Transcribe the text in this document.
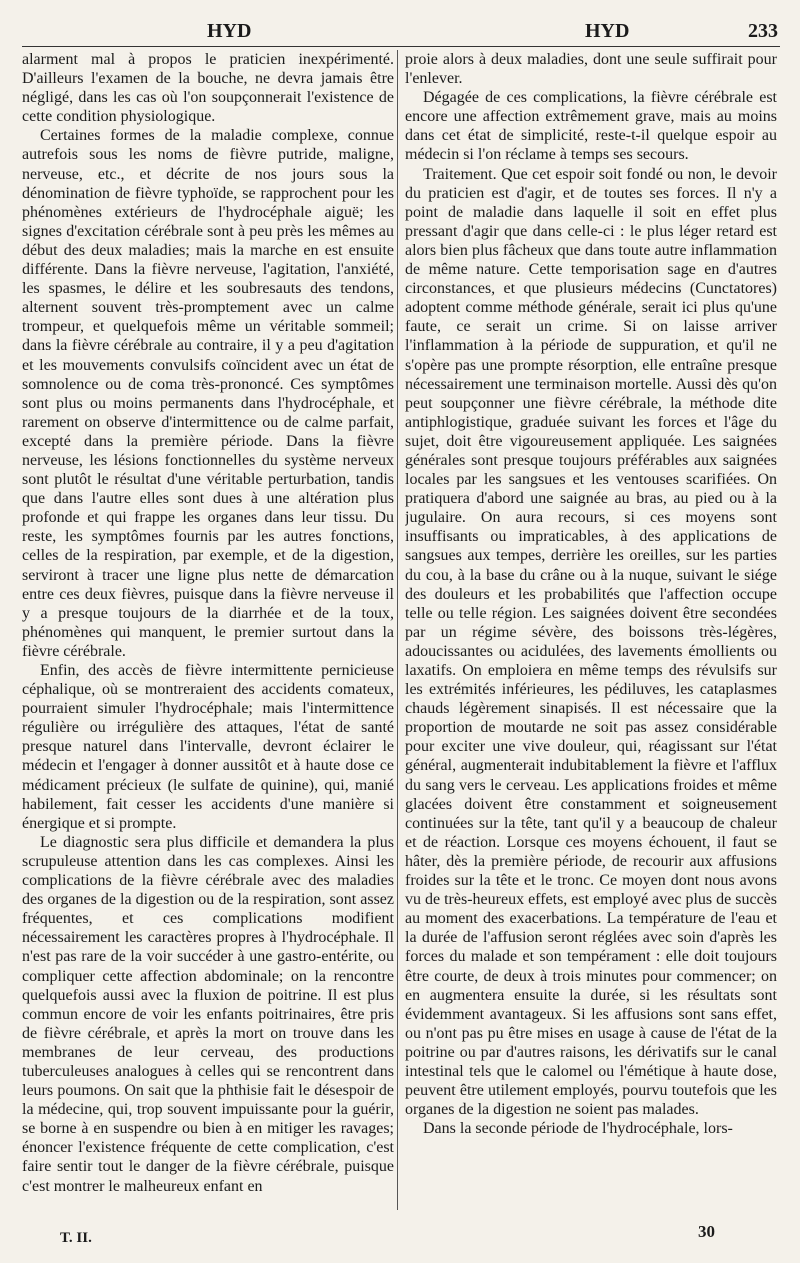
HYD	HYD	233

alarment mal à propos le praticien inexpérimenté. D'ailleurs l'examen de la bouche, ne devra jamais être négligé, dans les cas où l'on soupçonnerait l'existence de cette condition physiologique.

Certaines formes de la maladie complexe, connue autrefois sous les noms de fièvre putride, maligne, nerveuse, etc., et décrite de nos jours sous la dénomination de fièvre typhoïde, se rapprochent pour les phénomènes extérieurs de l'hydrocéphale aiguë; les signes d'excitation cérébrale sont à peu près les mêmes au début des deux maladies; mais la marche en est ensuite différente. Dans la fièvre nerveuse, l'agitation, l'anxiété, les spasmes, le délire et les soubresauts des tendons, alternent souvent très-promptement avec un calme trompeur, et quelquefois même un véritable sommeil; dans la fièvre cérébrale au contraire, il y a peu d'agitation et les mouvements convulsifs coïncident avec un état de somnolence ou de coma très-prononcé. Ces symptômes sont plus ou moins permanents dans l'hydrocéphale, et rarement on observe d'intermittence ou de calme parfait, excepté dans la première période. Dans la fièvre nerveuse, les lésions fonctionnelles du système nerveux sont plutôt le résultat d'une véritable perturbation, tandis que dans l'autre elles sont dues à une altération plus profonde et qui frappe les organes dans leur tissu. Du reste, les symptômes fournis par les autres fonctions, celles de la respiration, par exemple, et de la digestion, serviront à tracer une ligne plus nette de démarcation entre ces deux fièvres, puisque dans la fièvre nerveuse il y a presque toujours de la diarrhée et de la toux, phénomènes qui manquent, le premier surtout dans la fièvre cérébrale.

Enfin, des accès de fièvre intermittente pernicieuse céphalique, où se montreraient des accidents comateux, pourraient simuler l'hydrocéphale; mais l'intermittence régulière ou irrégulière des attaques, l'état de santé presque naturel dans l'intervalle, devront éclairer le médecin et l'engager à donner aussitôt et à haute dose ce médicament précieux (le sulfate de quinine), qui, manié habilement, fait cesser les accidents d'une manière si énergique et si prompte.

Le diagnostic sera plus difficile et demandera la plus scrupuleuse attention dans les cas complexes. Ainsi les complications de la fièvre cérébrale avec des maladies des organes de la digestion ou de la respiration, sont assez fréquentes, et ces complications modifient nécessairement les caractères propres à l'hydrocéphale. Il n'est pas rare de la voir succéder à une gastro-entérite, ou compliquer cette affection abdominale; on la rencontre quelquefois aussi avec la fluxion de poitrine. Il est plus commun encore de voir les enfants poitrinaires, être pris de fièvre cérébrale, et après la mort on trouve dans les membranes de leur cerveau, des productions tuberculeuses analogues à celles qui se rencontrent dans leurs poumons. On sait que la phthisie fait le désespoir de la médecine, qui, trop souvent impuissante pour la guérir, se borne à en suspendre ou bien à en mitiger les ravages; énoncer l'existence fréquente de cette complication, c'est faire sentir tout le danger de la fièvre cérébrale, puisque c'est montrer le malheureux enfant en

proie alors à deux maladies, dont une seule suffirait pour l'enlever.

Dégagée de ces complications, la fièvre cérébrale est encore une affection extrêmement grave, mais au moins dans cet état de simplicité, reste-t-il quelque espoir au médecin si l'on réclame à temps ses secours.

Traitement. Que cet espoir soit fondé ou non, le devoir du praticien est d'agir, et de toutes ses forces. Il n'y a point de maladie dans laquelle il soit en effet plus pressant d'agir que dans celle-ci : le plus léger retard est alors bien plus fâcheux que dans toute autre inflammation de même nature. Cette temporisation sage en d'autres circonstances, et que plusieurs médecins (Cunctatores) adoptent comme méthode générale, serait ici plus qu'une faute, ce serait un crime. Si on laisse arriver l'inflammation à la période de suppuration, et qu'il ne s'opère pas une prompte résorption, elle entraîne presque nécessairement une terminaison mortelle. Aussi dès qu'on peut soupçonner une fièvre cérébrale, la méthode dite antiphlogistique, graduée suivant les forces et l'âge du sujet, doit être vigoureusement appliquée. Les saignées générales sont presque toujours préférables aux saignées locales par les sangsues et les ventouses scarifiées. On pratiquera d'abord une saignée au bras, au pied ou à la jugulaire. On aura recours, si ces moyens sont insuffisants ou impraticables, à des applications de sangsues aux tempes, derrière les oreilles, sur les parties du cou, à la base du crâne ou à la nuque, suivant le siége des douleurs et les probabilités que l'affection occupe telle ou telle région. Les saignées doivent être secondées par un régime sévère, des boissons très-légères, adoucissantes ou acidulées, des lavements émollients ou laxatifs. On emploiera en même temps des révulsifs sur les extrémités inférieures, les pédiluves, les cataplasmes chauds légèrement sinapisés. Il est nécessaire que la proportion de moutarde ne soit pas assez considérable pour exciter une vive douleur, qui, réagissant sur l'état général, augmenterait indubitablement la fièvre et l'afflux du sang vers le cerveau. Les applications froides et même glacées doivent être constamment et soigneusement continuées sur la tête, tant qu'il y a beaucoup de chaleur et de réaction. Lorsque ces moyens échouent, il faut se hâter, dès la première période, de recourir aux affusions froides sur la tête et le tronc. Ce moyen dont nous avons vu de très-heureux effets, est employé avec plus de succès au moment des exacerbations. La température de l'eau et la durée de l'affusion seront réglées avec soin d'après les forces du malade et son tempérament : elle doit toujours être courte, de deux à trois minutes pour commencer; on en augmentera ensuite la durée, si les résultats sont évidemment avantageux. Si les affusions sont sans effet, ou n'ont pas pu être mises en usage à cause de l'état de la poitrine ou par d'autres raisons, les dérivatifs sur le canal intestinal tels que le calomel ou l'émétique à haute dose, peuvent être utilement employés, pourvu toutefois que les organes de la digestion ne soient pas malades.

Dans la seconde période de l'hydrocéphale, lors-

T. II.	30
